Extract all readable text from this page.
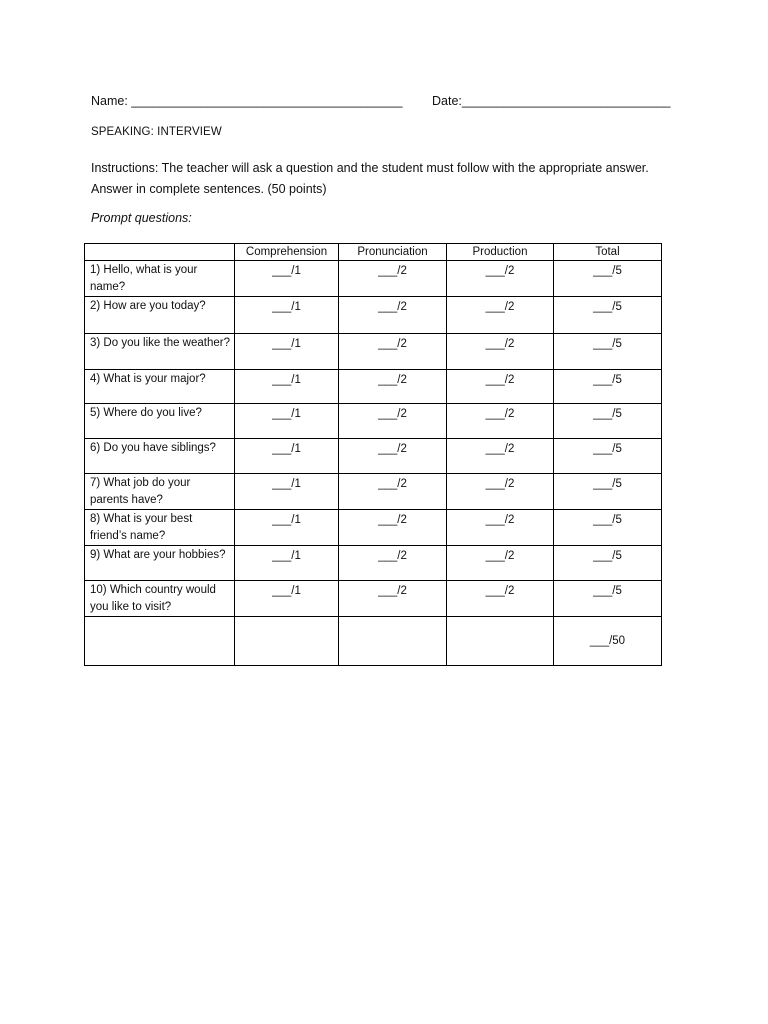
Name: _______________________________________ Date:______________________________
SPEAKING: INTERVIEW
Instructions: The teacher will ask a question and the student must follow with the appropriate answer. Answer in complete sentences. (50 points)
Prompt questions:
	Comprehension	Pronunciation	Production	Total
1) Hello, what is your name?	___/1	___/2	___/2	___/5
2) How are you today?	___/1	___/2	___/2	___/5
3) Do you like the weather?	___/1	___/2	___/2	___/5
4) What is your major?	___/1	___/2	___/2	___/5
5) Where do you live?	___/1	___/2	___/2	___/5
6) Do you have siblings?	___/1	___/2	___/2	___/5
7) What job do your parents have?	___/1	___/2	___/2	___/5
8) What is your best friend’s name?	___/1	___/2	___/2	___/5
9) What are your hobbies?	___/1	___/2	___/2	___/5
10) Which country would you like to visit?	___/1	___/2	___/2	___/5
				___/50
